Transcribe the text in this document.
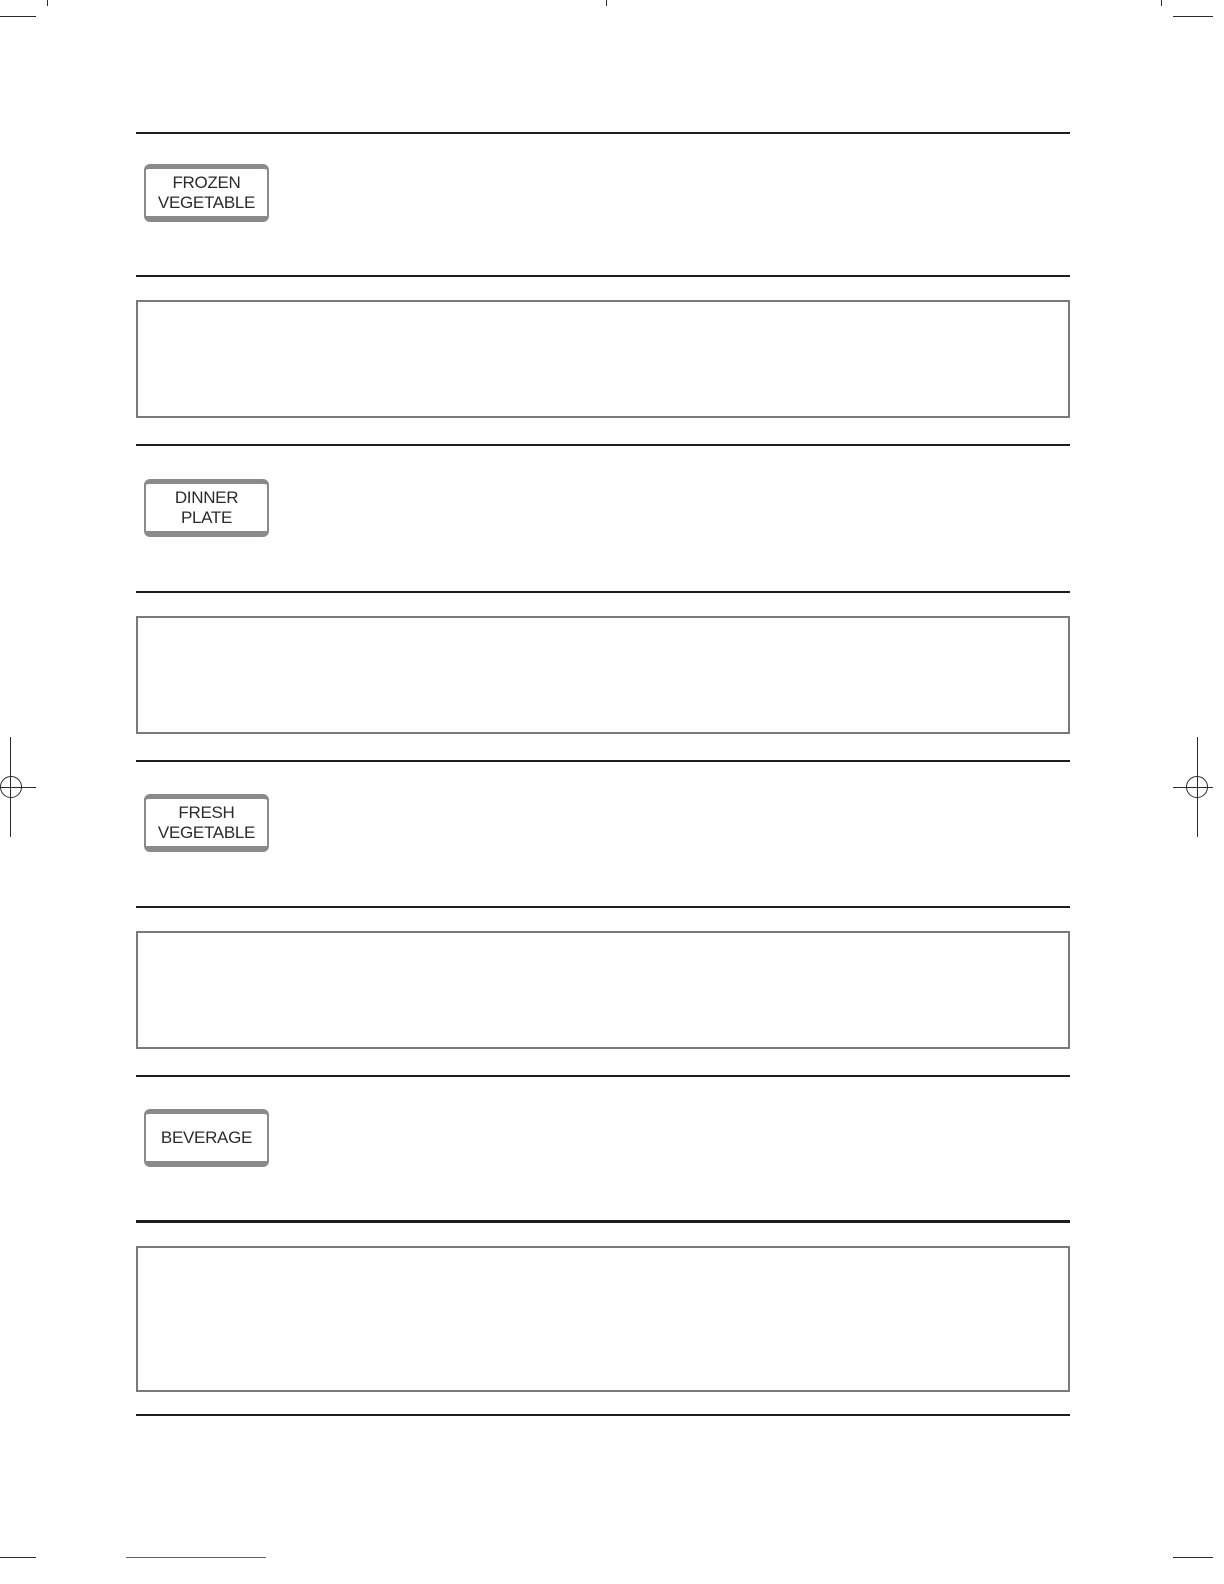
FROZEN
VEGETABLE
DINNER
PLATE
FRESH
VEGETABLE
BEVERAGE
